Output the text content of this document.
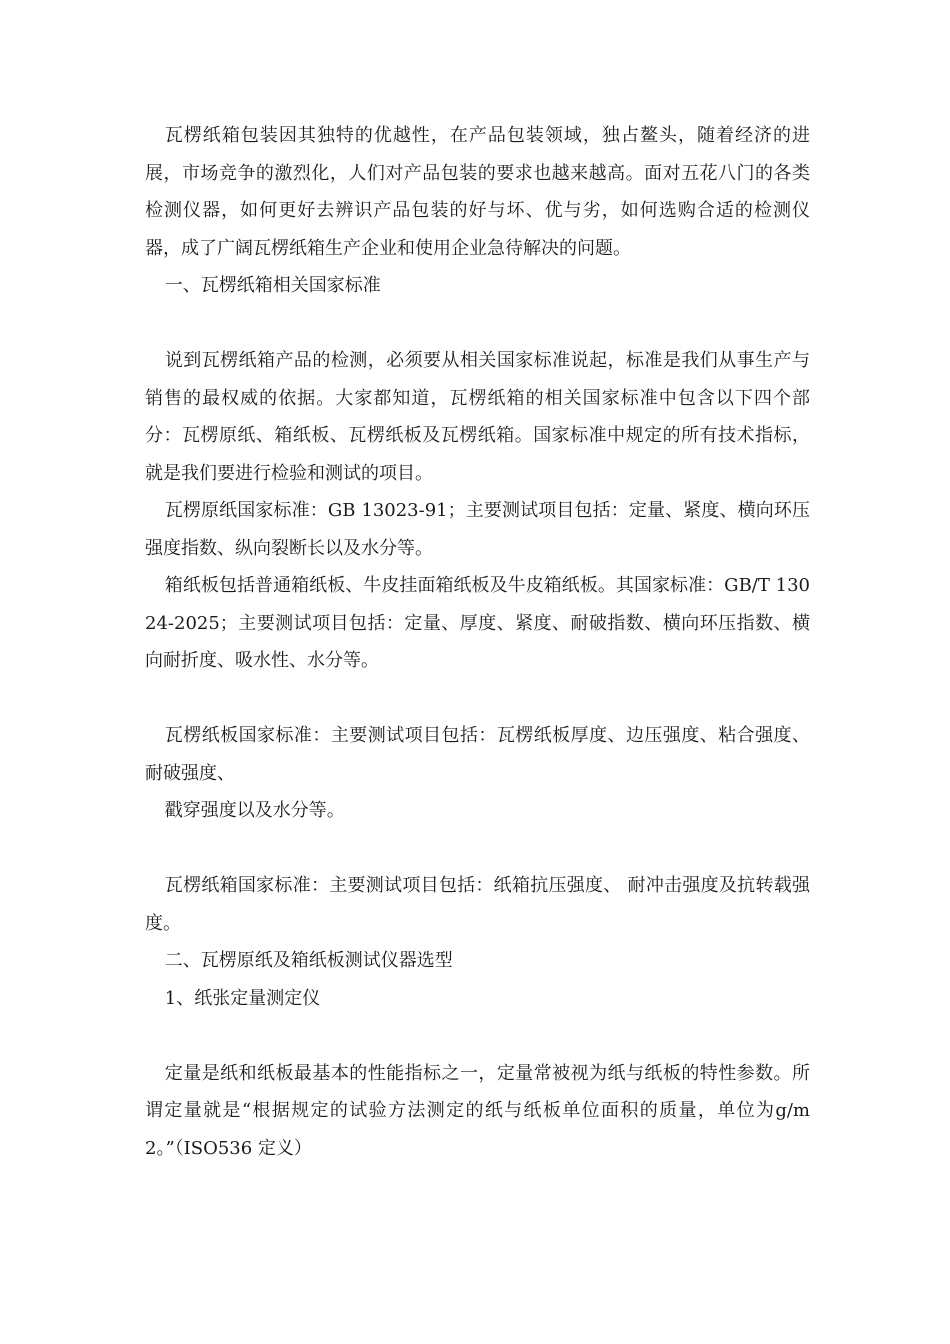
瓦楞纸箱包装因其独特的优越性，在产品包装领域，独占鳌头，随着经济的进展，市场竞争的激烈化，人们对产品包装的要求也越来越高。面对五花八门的各类检测仪器，如何更好去辨识产品包装的好与坏、优与劣，如何选购合适的检测仪器，成了广阔瓦楞纸箱生产企业和使用企业急待解决的问题。

一、瓦楞纸箱相关国家标准

说到瓦楞纸箱产品的检测，必须要从相关国家标准说起，标准是我们从事生产与销售的最权威的依据。大家都知道，瓦楞纸箱的相关国家标准中包含以下四个部分：瓦楞原纸、箱纸板、瓦楞纸板及瓦楞纸箱。国家标准中规定的所有技术指标，就是我们要进行检验和测试的项目。

瓦楞原纸国家标准：GB 13023-91；主要测试项目包括：定量、紧度、横向环压强度指数、纵向裂断长以及水分等。

箱纸板包括普通箱纸板、牛皮挂面箱纸板及牛皮箱纸板。其国家标准：GB/T 13024-2025；主要测试项目包括：定量、厚度、紧度、耐破指数、横向环压指数、横向耐折度、吸水性、水分等。

瓦楞纸板国家标准：主要测试项目包括：瓦楞纸板厚度、边压强度、粘合强度、耐破强度、

戳穿强度以及水分等。

瓦楞纸箱国家标准：主要测试项目包括：纸箱抗压强度、 耐冲击强度及抗转载强度。

二、瓦楞原纸及箱纸板测试仪器选型

1、纸张定量测定仪

定量是纸和纸板最基本的性能指标之一，定量常被视为纸与纸板的特性参数。所谓定量就是“根据规定的试验方法测定的纸与纸板单位面积的质量，单位为g/m2。”（ISO536 定义）
